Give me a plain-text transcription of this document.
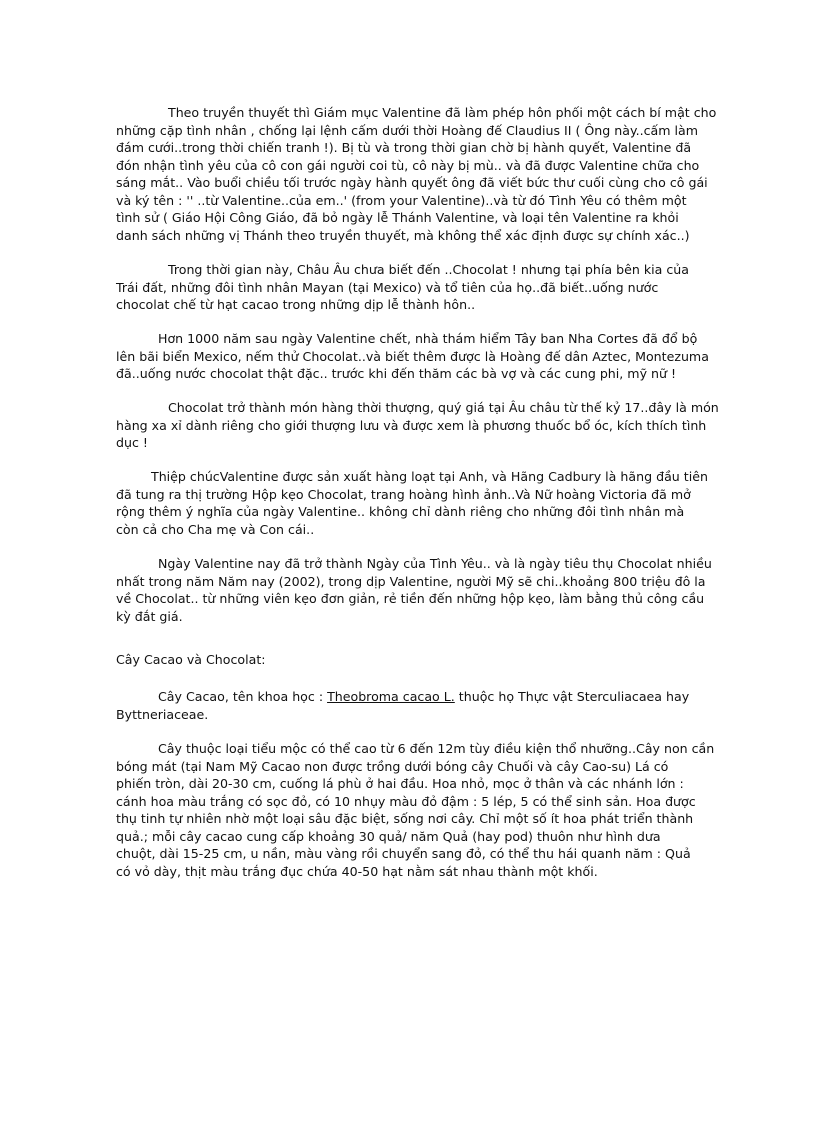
Theo truyền thuyết thì Giám mục Valentine đã làm phép hôn phối một cách bí mật cho
những cặp tình nhân , chống lại lệnh cấm dưới thời Hoàng đế Claudius II ( Ông này..cấm làm
đám cưới..trong thời chiến tranh !). Bị tù và trong thời gian chờ bị hành quyết, Valentine đã
đón nhận tình yêu của cô con gái người coi tù, cô này bị mù.. và đã được Valentine chữa cho
sáng mắt.. Vào buổi chiều tối trước ngày hành quyết ông đã viết bức thư cuối cùng cho cô gái
và ký tên : '' ..từ Valentine..của em..' (from your Valentine)..và từ đó Tình Yêu có thêm một
tình sử ( Giáo Hội Công Giáo, đã bỏ ngày lễ Thánh Valentine, và loại tên Valentine ra khỏi
danh sách những vị Thánh theo truyền thuyết, mà không thể xác định được sự chính xác..)

Trong thời gian này, Châu Âu chưa biết đến ..Chocolat ! nhưng tại phía bên kia của
Trái đất, những đôi tình nhân Mayan (tại Mexico) và tổ tiên của họ..đã biết..uống nước
chocolat chế từ hạt cacao trong những dịp lễ thành hôn..

Hơn 1000 năm sau ngày Valentine chết, nhà thám hiểm Tây ban Nha Cortes đã đổ bộ
lên bãi biển Mexico, nếm thử Chocolat..và biết thêm được là Hoàng đế dân Aztec, Montezuma
đã..uống nước chocolat thật đặc.. trước khi đến thăm các bà vợ và các cung phi, mỹ nữ !

Chocolat trở thành món hàng thời thượng, quý giá tại Âu châu từ thế kỷ 17..đây là món
hàng xa xỉ dành riêng cho giới thượng lưu và được xem là phương thuốc bổ óc, kích thích tình
dục !

Thiệp chúcValentine được sản xuất hàng loạt tại Anh, và Hãng Cadbury là hãng đầu tiên
đã tung ra thị trường Hộp kẹo Chocolat, trang hoàng hình ảnh..Và Nữ hoàng Victoria đã mở
rộng thêm ý nghĩa của ngày Valentine.. không chỉ dành riêng cho những đôi tình nhân mà
còn cả cho Cha mẹ và Con cái..

Ngày Valentine nay đã trở thành Ngày của Tình Yêu.. và là ngày tiêu thụ Chocolat nhiều
nhất trong năm Năm nay (2002), trong dịp Valentine, người Mỹ sẽ chi..khoảng 800 triệu đô la
về Chocolat.. từ những viên kẹo đơn giản, rẻ tiền đến những hộp kẹo, làm bằng thủ công cầu
kỳ đắt giá.

Cây Cacao và Chocolat:

Cây Cacao, tên khoa học : Theobroma cacao L. thuộc họ Thực vật Sterculiacaea hay
Byttneriaceae.

Cây thuộc loại tiểu mộc có thể cao từ 6 đến 12m tùy điều kiện thổ nhưỡng..Cây non cần
bóng mát (tại Nam Mỹ Cacao non được trồng dưới bóng cây Chuối và cây Cao-su) Lá có
phiến tròn, dài 20-30 cm, cuống lá phù ở hai đầu. Hoa nhỏ, mọc ở thân và các nhánh lớn :
cánh hoa màu trắng có sọc đỏ, có 10 nhụy màu đỏ đậm : 5 lép, 5 có thể sinh sản. Hoa được
thụ tinh tự nhiên nhờ một loại sâu đặc biệt, sống nơi cây. Chỉ một số ít hoa phát triển thành
quả.; mỗi cây cacao cung cấp khoảng 30 quả/ năm Quả (hay pod) thuôn như hình dưa
chuột, dài 15-25 cm, u nần, màu vàng rồi chuyển sang đỏ, có thể thu hái quanh năm : Quả
có vỏ dày, thịt màu trắng đục chứa 40-50 hạt nằm sát nhau thành một khối.
